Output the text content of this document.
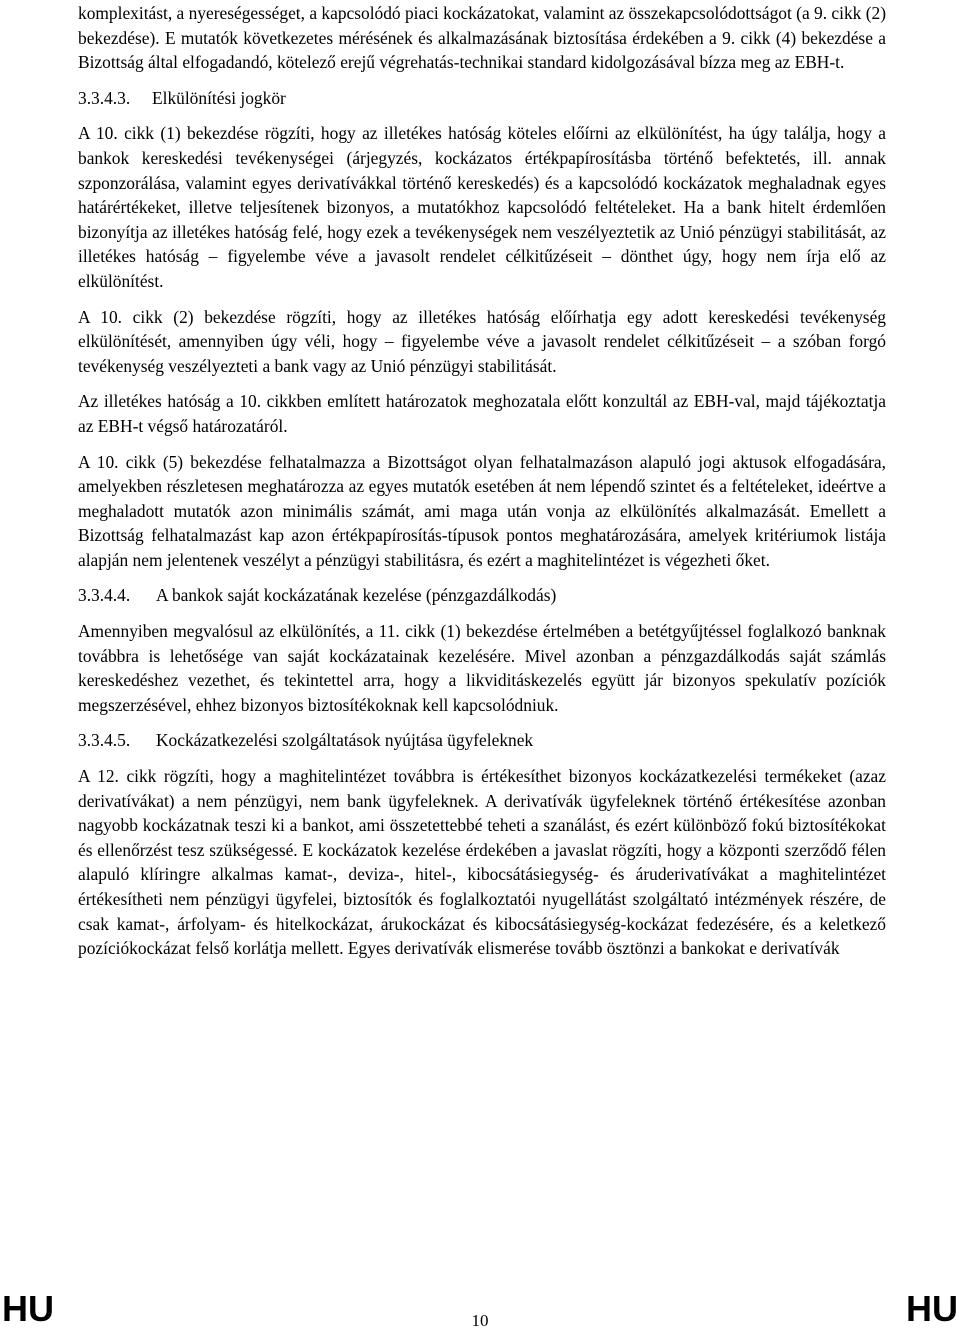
komplexitást, a nyereségességet, a kapcsolódó piaci kockázatokat, valamint az összekapcsolódottságot (a 9. cikk (2) bekezdése). E mutatók következetes mérésének és alkalmazásának biztosítása érdekében a 9. cikk (4) bekezdése a Bizottság által elfogadandó, kötelező erejű végrehatás-technikai standard kidolgozásával bízza meg az EBH-t.

3.3.4.3. Elkülönítési jogkör

A 10. cikk (1) bekezdése rögzíti, hogy az illetékes hatóság köteles előírni az elkülönítést, ha úgy találja, hogy a bankok kereskedési tevékenységei (árjegyzés, kockázatos értékpapírosításba történő befektetés, ill. annak szponzorálása, valamint egyes derivatívákkal történő kereskedés) és a kapcsolódó kockázatok meghaladnak egyes határértékeket, illetve teljesítenek bizonyos, a mutatókhoz kapcsolódó feltételeket. Ha a bank hitelt érdemlően bizonyítja az illetékes hatóság felé, hogy ezek a tevékenységek nem veszélyeztetik az Unió pénzügyi stabilitását, az illetékes hatóság – figyelembe véve a javasolt rendelet célkitűzéseit – dönthet úgy, hogy nem írja elő az elkülönítést.

A 10. cikk (2) bekezdése rögzíti, hogy az illetékes hatóság előírhatja egy adott kereskedési tevékenység elkülönítését, amennyiben úgy véli, hogy – figyelembe véve a javasolt rendelet célkitűzéseit – a szóban forgó tevékenység veszélyezteti a bank vagy az Unió pénzügyi stabilitását.

Az illetékes hatóság a 10. cikkben említett határozatok meghozatala előtt konzultál az EBH-val, majd tájékoztatja az EBH-t végső határozatáról.

A 10. cikk (5) bekezdése felhatalmazza a Bizottságot olyan felhatalmazáson alapuló jogi aktusok elfogadására, amelyekben részletesen meghatározza az egyes mutatók esetében át nem lépendő szintet és a feltételeket, ideértve a meghaladott mutatók azon minimális számát, ami maga után vonja az elkülönítés alkalmazását. Emellett a Bizottság felhatalmazást kap azon értékpapírosítás-típusok pontos meghatározására, amelyek kritériumok listája alapján nem jelentenek veszélyt a pénzügyi stabilitásra, és ezért a maghitelintézet is végezheti őket.

3.3.4.4. A bankok saját kockázatának kezelése (pénzgazdálkodás)

Amennyiben megvalósul az elkülönítés, a 11. cikk (1) bekezdése értelmében a betétgyűjtéssel foglalkozó banknak továbbra is lehetősége van saját kockázatainak kezelésére. Mivel azonban a pénzgazdálkodás saját számlás kereskedéshez vezethet, és tekintettel arra, hogy a likviditáskezelés együtt jár bizonyos spekulatív pozíciók megszerzésével, ehhez bizonyos biztosítékoknak kell kapcsolódniuk.

3.3.4.5. Kockázatkezelési szolgáltatások nyújtása ügyfeleknek

A 12. cikk rögzíti, hogy a maghitelintézet továbbra is értékesíthet bizonyos kockázatkezelési termékeket (azaz derivatívákat) a nem pénzügyi, nem bank ügyfeleknek. A derivatívák ügyfeleknek történő értékesítése azonban nagyobb kockázatnak teszi ki a bankot, ami összetettebbé teheti a szanálást, és ezért különböző fokú biztosítékokat és ellenőrzést tesz szükségessé. E kockázatok kezelése érdekében a javaslat rögzíti, hogy a központi szerződő félen alapuló klíringre alkalmas kamat-, deviza-, hitel-, kibocsátásiegység- és áruderivatívákat a maghitelintézet értékesítheti nem pénzügyi ügyfelei, biztosítók és foglalkoztatói nyugellátást szolgáltató intézmények részére, de csak kamat-, árfolyam- és hitelkockázat, árukockázat és kibocsátásiegység-kockázat fedezésére, és a keletkező pozíciókockázat felső korlátja mellett. Egyes derivatívák elismerése tovább ösztönzi a bankokat e derivatívák

HU	10	HU
